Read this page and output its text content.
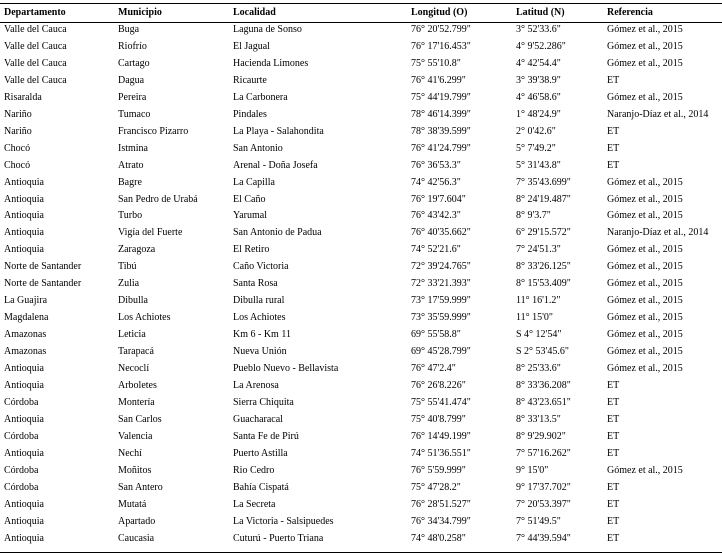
Departamento	Municipio	Localidad	Longitud (O)	Latitud (N)	Referencia
Valle del Cauca	Buga	Laguna de Sonso	76° 20'52.799"	3° 52'33.6"	Gómez et al., 2015
Valle del Cauca	Riofrío	El Jagual	76° 17'16.453"	4° 9'52.286"	Gómez et al., 2015
Valle del Cauca	Cartago	Hacienda Limones	75° 55'10.8"	4° 42'54.4"	Gómez et al., 2015
Valle del Cauca	Dagua	Ricaurte	76° 41'6.299"	3° 39'38.9"	ET
Risaralda	Pereira	La Carbonera	75° 44'19.799"	4° 46'58.6"	Gómez et al., 2015
Nariño	Tumaco	Pindales	78° 46'14.399"	1° 48'24.9"	Naranjo-Díaz et al., 2014
Nariño	Francisco Pizarro	La Playa - Salahondita	78° 38'39.599"	2° 0'42.6"	ET
Chocó	Istmina	San Antonio	76° 41'24.799"	5° 7'49.2"	ET
Chocó	Atrato	Arenal - Doña Josefa	76° 36'53.3"	5° 31'43.8"	ET
Antioquia	Bagre	La Capilla	74° 42'56.3"	7° 35'43.699"	Gómez et al., 2015
Antioquia	San Pedro de Urabá	El Caño	76° 19'7.604"	8° 24'19.487"	Gómez et al., 2015
Antioquia	Turbo	Yarumal	76° 43'42.3"	8° 9'3.7"	Gómez et al., 2015
Antioquia	Vigía del Fuerte	San Antonio de Padua	76° 40'35.662"	6° 29'15.572"	Naranjo-Díaz et al., 2014
Antioquia	Zaragoza	El Retiro	74° 52'21.6"	7° 24'51.3"	Gómez et al., 2015
Norte de Santander	Tibú	Caño Victoria	72° 39'24.765"	8° 33'26.125"	Gómez et al., 2015
Norte de Santander	Zulia	Santa Rosa	72° 33'21.393"	8° 15'53.409"	Gómez et al., 2015
La Guajira	Dibulla	Dibulla rural	73° 17'59.999"	11° 16'1.2"	Gómez et al., 2015
Magdalena	Los Achiotes	Los Achiotes	73° 35'59.999"	11° 15'0"	Gómez et al., 2015
Amazonas	Leticia	Km 6 - Km 11	69° 55'58.8"	S 4° 12'54"	Gómez et al., 2015
Amazonas	Tarapacá	Nueva Unión	69° 45'28.799"	S 2° 53'45.6"	Gómez et al., 2015
Antioquia	Necoclí	Pueblo Nuevo - Bellavista	76° 47'2.4"	8° 25'33.6"	Gómez et al., 2015
Antioquia	Arboletes	La Arenosa	76° 26'8.226"	8° 33'36.208"	ET
Córdoba	Montería	Sierra Chiquita	75° 55'41.474"	8° 43'23.651"	ET
Antioquia	San Carlos	Guacharacal	75° 40'8.799"	8° 33'13.5"	ET
Córdoba	Valencia	Santa Fe de Pirú	76° 14'49.199"	8° 9'29.902"	ET
Antioquia	Nechí	Puerto Astilla	74° 51'36.551"	7° 57'16.262"	ET
Córdoba	Moñitos	Rio Cedro	76° 5'59.999"	9° 15'0"	Gómez et al., 2015
Córdoba	San Antero	Bahía Cispatá	75° 47'28.2"	9° 17'37.702"	ET
Antioquia	Mutatá	La Secreta	76° 28'51.527"	7° 20'53.397"	ET
Antioquia	Apartado	La Victoria - Salsipuedes	76° 34'34.799"	7° 51'49.5"	ET
Antioquia	Caucasia	Cuturú - Puerto Triana	74° 48'0.258"	7° 44'39.594"	ET
